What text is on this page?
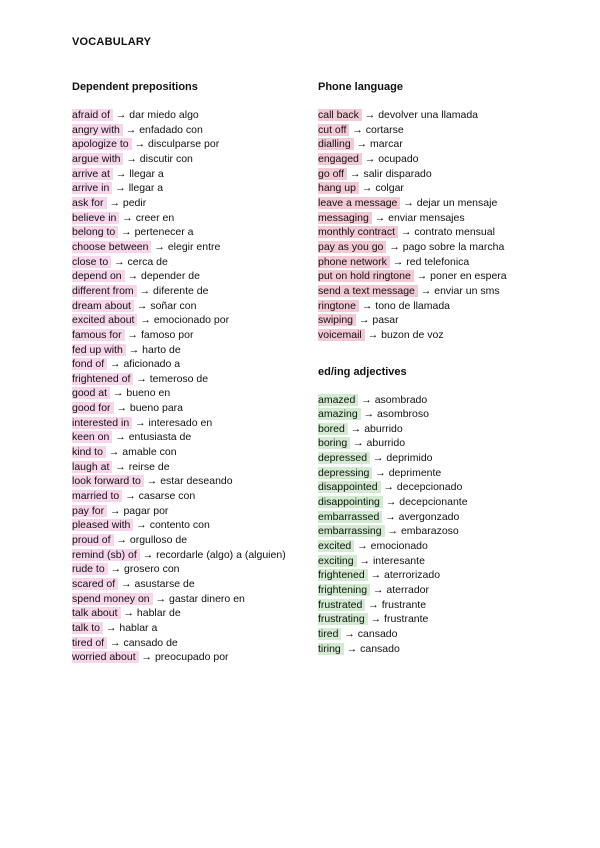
VOCABULARY
Dependent prepositions
afraid of → dar miedo algo
angry with → enfadado con
apologize to → disculparse por
argue with → discutir con
arrive at → llegar a
arrive in → llegar a
ask for → pedir
believe in → creer en
belong to → pertenecer a
choose between → elegir entre
close to → cerca de
depend on → depender de
different from → diferente de
dream about → soñar con
excited about → emocionado por
famous for → famoso por
fed up with → harto de
fond of → aficionado a
frightened of → temeroso de
good at → bueno en
good for → bueno para
interested in → interesado en
keen on → entusiasta de
kind to → amable con
laugh at → reirse de
look forward to → estar deseando
married to → casarse con
pay for → pagar por
pleased with → contento con
proud of → orgulloso de
remind (sb) of → recordarle (algo) a (alguien)
rude to → grosero con
scared of → asustarse de
spend money on → gastar dinero en
talk about → hablar de
talk to → hablar a
tired of → cansado de
worried about → preocupado por
Phone language
call back → devolver una llamada
cut off → cortarse
dialling → marcar
engaged → ocupado
go off → salir disparado
hang up → colgar
leave a message → dejar un mensaje
messaging → enviar mensajes
monthly contract → contrato mensual
pay as you go → pago sobre la marcha
phone network → red telefonica
put on hold ringtone → poner en espera
send a text message → enviar un sms
ringtone → tono de llamada
swiping → pasar
voicemail → buzon de voz
ed/ing adjectives
amazed → asombrado
amazing → asombroso
bored → aburrido
boring → aburrido
depressed → deprimido
depressing → deprimente
disappointed → decepcionado
disappointing → decepcionante
embarrassed → avergonzado
embarrassing → embarazoso
excited → emocionado
exciting → interesante
frightened → aterrorizado
frightening → aterrador
frustrated → frustrante
frustrating → frustrante
tired → cansado
tiring → cansado
